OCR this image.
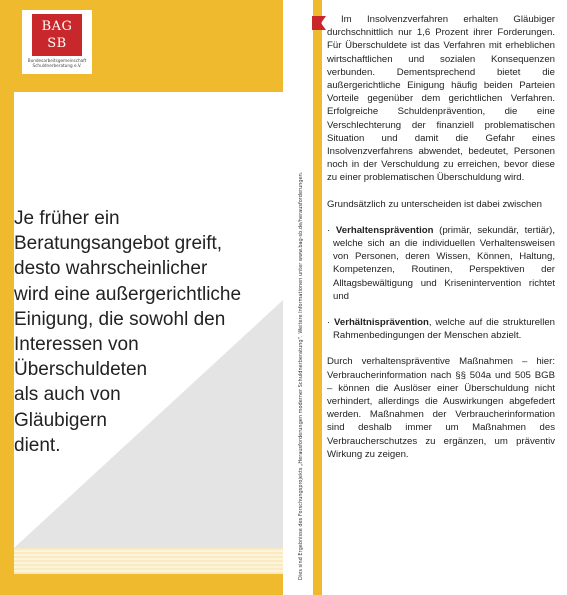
BAG
SB
Bundesarbeitsgemeinschaft Schuldnerberatung e.V.

Je früher ein
Beratungsangebot greift,
desto wahrscheinlicher
wird eine außergerichtliche
Einigung, die sowohl den
Interessen von
Überschuldeten
als auch von
Gläubigern
dient.	Dies sind Ergebnisse des Forschungsprojekts „Herausforderungen moderner Schuldnerberatung“. Weitere Informationen unter www.bag-sb.de/herausforderungen.

Im Insolvenzverfahren erhalten Gläubiger durchschnittlich nur 1,6 Prozent ihrer Forderungen. Für Überschuldete ist das Verfahren mit erheblichen wirtschaftlichen und sozialen Konsequenzen verbunden. Dementsprechend bietet die außergerichtliche Einigung häufig beiden Parteien Vorteile gegenüber dem gerichtlichen Verfahren. Erfolgreiche Schuldenprävention, die eine Verschlechterung der finanziell problematischen Situation und damit die Gefahr eines Insolvenzverfahrens abwendet, bedeutet, Personen noch in der Verschuldung zu erreichen, bevor diese zu einer problematischen Überschuldung wird.

Grundsätzlich zu unterscheiden ist dabei zwischen

· Verhaltensprävention (primär, sekundär, tertiär), welche sich an die individuellen Verhaltensweisen von Personen, deren Wissen, Können, Haltung, Kompetenzen, Routinen, Perspektiven der Alltagsbewältigung und Krisenintervention richtet und

· Verhältnisprävention, welche auf die strukturellen Rahmenbedingungen der Menschen abzielt.

Durch verhaltenspräventive Maßnahmen – hier: Verbraucherinformation nach §§ 504a und 505 BGB – können die Auslöser einer Überschuldung nicht verhindert, allerdings die Auswirkungen abgefedert werden. Maßnahmen der Verbraucherinformation sind deshalb immer um Maßnahmen des Verbraucherschutzes zu ergänzen, um präventiv Wirkung zu zeigen.
